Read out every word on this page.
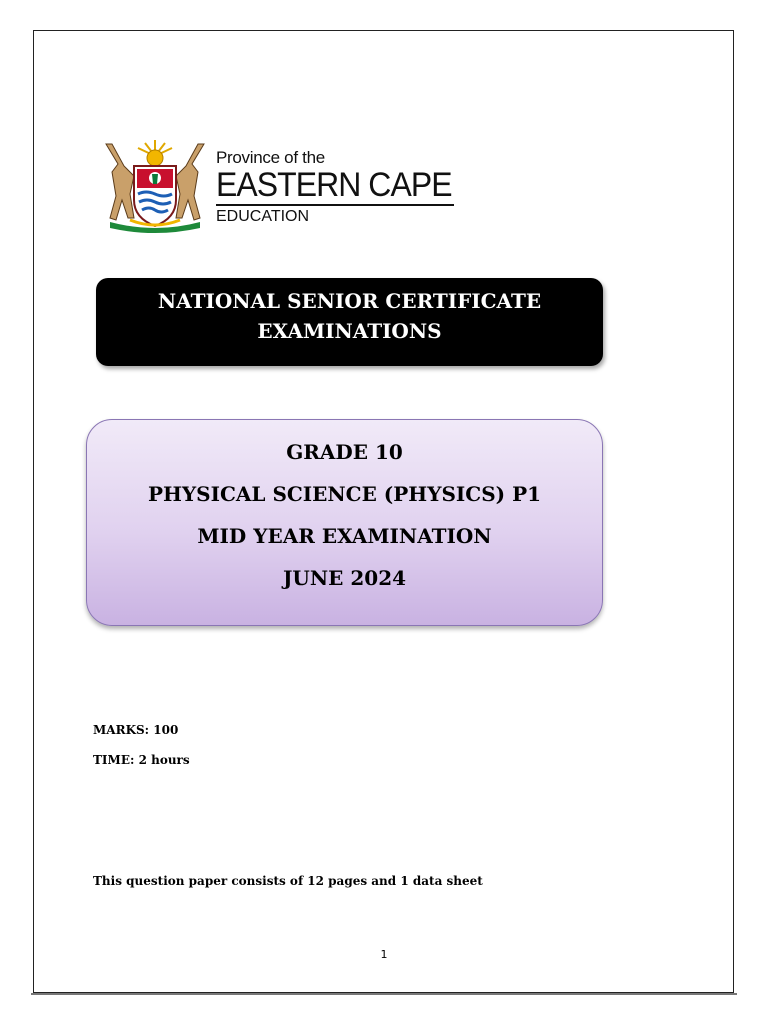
Province of the
EASTERN CAPE
EDUCATION
NATIONAL SENIOR CERTIFICATE
EXAMINATIONS
GRADE 10
PHYSICAL SCIENCE (PHYSICS) P1
MID YEAR EXAMINATION
JUNE 2024
MARKS: 100
TIME: 2 hours
This question paper consists of 12 pages and 1 data sheet
1
